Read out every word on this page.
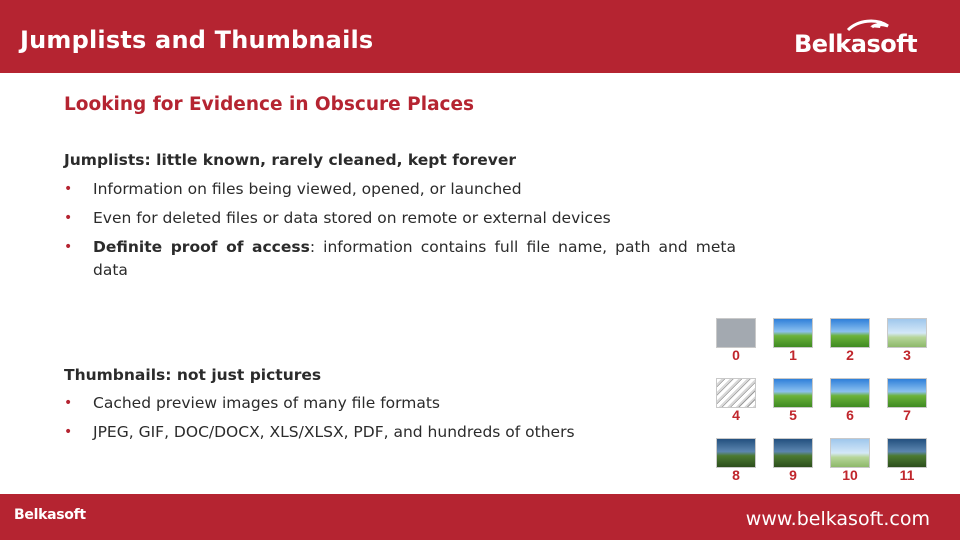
Jumplists and Thumbnails	Belkasoft
Looking for Evidence in Obscure Places
Jumplists: little known, rarely cleaned, kept forever
• Information on files being viewed, opened, or launched
• Even for deleted files or data stored on remote or external devices
• Definite proof of access: information contains full file name, path and meta data
Thumbnails: not just pictures
• Cached preview images of many file formats
• JPEG, GIF, DOC/DOCX, XLS/XLSX, PDF, and hundreds of others
0	1	2	3
4	5	6	7
8	9	10	11
Belkasoft	www.belkasoft.com
